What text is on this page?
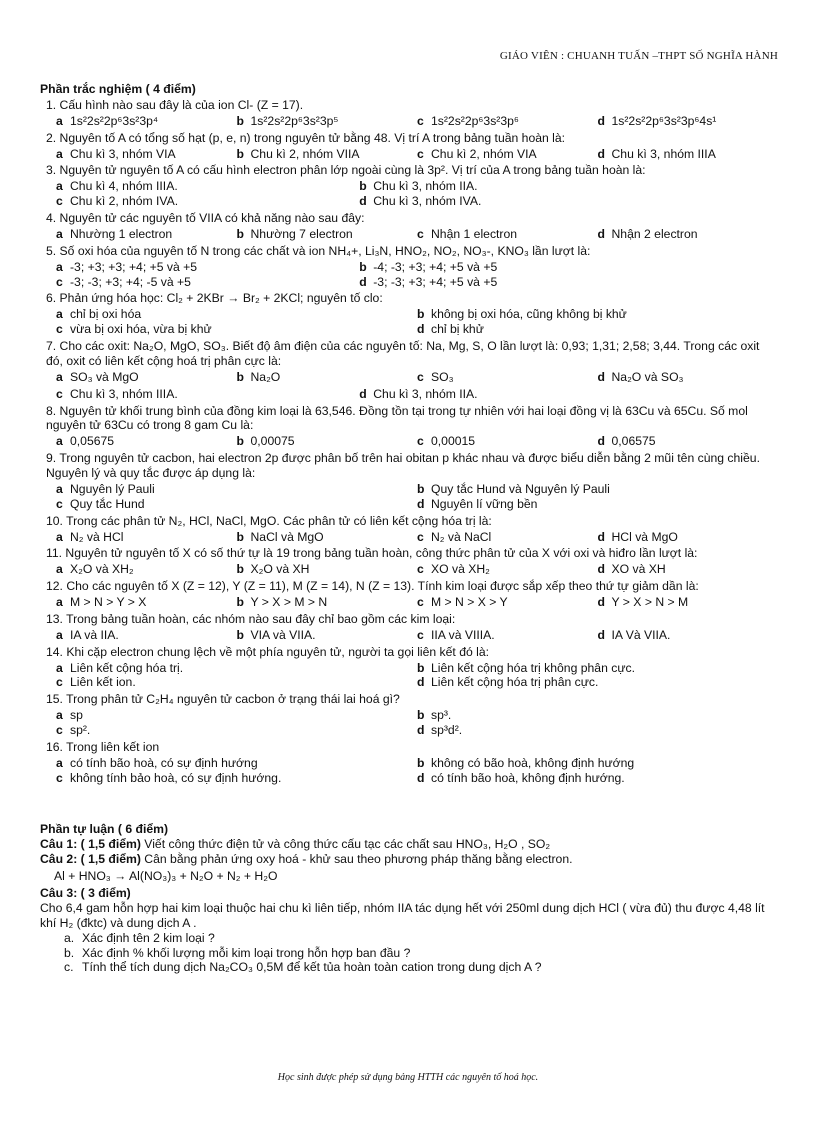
GIÁO VIÊN : CHUANH TUẤN –THPT SỐ NGHĨA HÀNH
Phần trắc nghiệm ( 4 điểm)
1. Cấu hình nào sau đây là của ion Cl- (Z = 17).
a 1s²2s²2p⁶3s²3p⁴	b 1s²2s²2p⁶3s²3p⁵	c 1s²2s²2p⁶3s²3p⁶	d 1s²2s²2p⁶3s²3p⁶4s¹
2. Nguyên tố A có tổng số hạt (p, e, n) trong nguyên tử bằng 48. Vị trí A trong bảng tuần hoàn là:
a Chu kì 3, nhóm VIA	b Chu kì 2, nhóm VIIA	c Chu kì 2, nhóm VIA	d Chu kì 3, nhóm IIIA
3. Nguyên tử nguyên tố A có cấu hình electron phân lớp ngoài cùng là 3p². Vị trí của A trong bảng tuần hoàn là:
a Chu kì 4, nhóm IIIA.	b Chu kì 3, nhóm IIA.
c Chu kì 2, nhóm IVA.	d Chu kì 3, nhóm IVA.
4. Nguyên tử các nguyên tố VIIA có khả năng nào sau đây:
a Nhường 1 electron	b Nhường 7 electron	c Nhận 1 electron	d Nhận 2 electron
5. Số oxi hóa của nguyên tố N trong các chất và ion NH₄+, Li₃N, HNO₂, NO₂, NO₃-, KNO₃ lần lượt là:
a -3; +3; +3; +4; +5 và +5	b -4; -3; +3; +4; +5 và +5
c -3; -3; +3; +4; -5 và +5	d -3; -3; +3; +4; +5 và +5
6. Phản ứng hóa học: Cl₂ + 2KBr → Br₂ + 2KCl; nguyên tố clo:
a chỉ bị oxi hóa	b không bị oxi hóa, cũng không bị khử
c vừa bị oxi hóa, vừa bị khử	d chỉ bị khử
7. Cho các oxit: Na₂O, MgO, SO₃. Biết độ âm điện của các nguyên tố: Na, Mg, S, O lần lượt là: 0,93; 1,31; 2,58; 3,44. Trong các oxit đó, oxit có liên kết cộng hoá trị phân cực là:
a SO₃ và MgO	b Na₂O	c SO₃	d Na₂O và SO₃
c Chu kì 3, nhóm IIIA.	d Chu kì 3, nhóm IIA.
8. Nguyên tử khối trung bình của đồng kim loại là 63,546. Đồng tồn tại trong tự nhiên với hai loại đồng vị là 63Cu và 65Cu. Số mol nguyên tử 63Cu có trong 8 gam Cu là:
a 0,05675	b 0,00075	c 0,00015	d 0,06575
9. Trong nguyên tử cacbon, hai electron 2p được phân bố trên hai obitan p khác nhau và được biểu diễn bằng 2 mũi tên cùng chiều. Nguyên lý và quy tắc được áp dụng là:
a Nguyên lý Pauli	b Quy tắc Hund và Nguyên lý Pauli
c Quy tắc Hund	d Nguyên lí vững bền
10. Trong các phân tử N₂, HCl, NaCl, MgO. Các phân tử có liên kết cộng hóa trị là:
a N₂ và HCl	b NaCl và MgO	c N₂ và NaCl	d HCl và MgO
11. Nguyên tử nguyên tố X có số thứ tự là 19 trong bảng tuần hoàn, công thức phân tử của X với oxi và hiđro lần lượt là:
a X₂O và XH₂	b X₂O và XH	c XO và XH₂	d XO và XH
12. Cho các nguyên tố X (Z = 12), Y (Z = 11), M (Z = 14), N (Z = 13). Tính kim loại được sắp xếp theo thứ tự giảm dần là:
a M > N > Y > X	b Y > X > M > N	c M > N > X > Y	d Y > X > N > M
13. Trong bảng tuần hoàn, các nhóm nào sau đây chỉ bao gồm các kim loại:
a IA và IIA.	b VIA và VIIA.	c IIA và VIIIA.	d IA Và VIIA.
14. Khi cặp electron chung lệch về một phía nguyên tử, người ta gọi liên kết đó là:
a Liên kết cộng hóa trị.	b Liên kết cộng hóa trị không phân cực.
c Liên kết ion.	d Liên kết cộng hóa trị phân cực.
15. Trong phân tử C₂H₄ nguyên tử cacbon ở trạng thái lai hoá gì?
a sp	b sp³.
c sp².	d sp³d².
16. Trong liên kết ion
a có tính bão hoà, có sự định hướng	b không có bão hoà, không định hướng
c không tính bảo hoà, có sự định hướng.	d có tính bão hoà, không định hướng.
Phần tự luận ( 6 điểm)

Câu 1: ( 1,5 điểm) Viết công thức điện tử và công thức cấu tạc các chất sau HNO₃, H₂O , SO₂

Câu 2: ( 1,5 điểm) Cân bằng phản ứng oxy hoá - khử sau theo phương pháp thăng bằng electron.

Al + HNO₃ → Al(NO₃)₃ + N₂O + N₂ + H₂O

Câu 3: ( 3 điểm)

Cho 6,4 gam hỗn hợp hai kim loại thuộc hai chu kì liên tiếp, nhóm IIA tác dụng hết với 250ml dung dịch HCl ( vừa đủ) thu được 4,48 lít khí H₂ (đktc) và dung dịch A .

a. Xác định tên 2 kim loại ?
b. Xác định % khối lượng mỗi kim loại trong hỗn hợp ban đầu ?
c. Tính thể tích dung dịch Na₂CO₃ 0,5M để kết tủa hoàn toàn cation trong dung dịch A ?
Học sinh được phép sử dụng bảng HTTH các nguyên tố hoá học.
